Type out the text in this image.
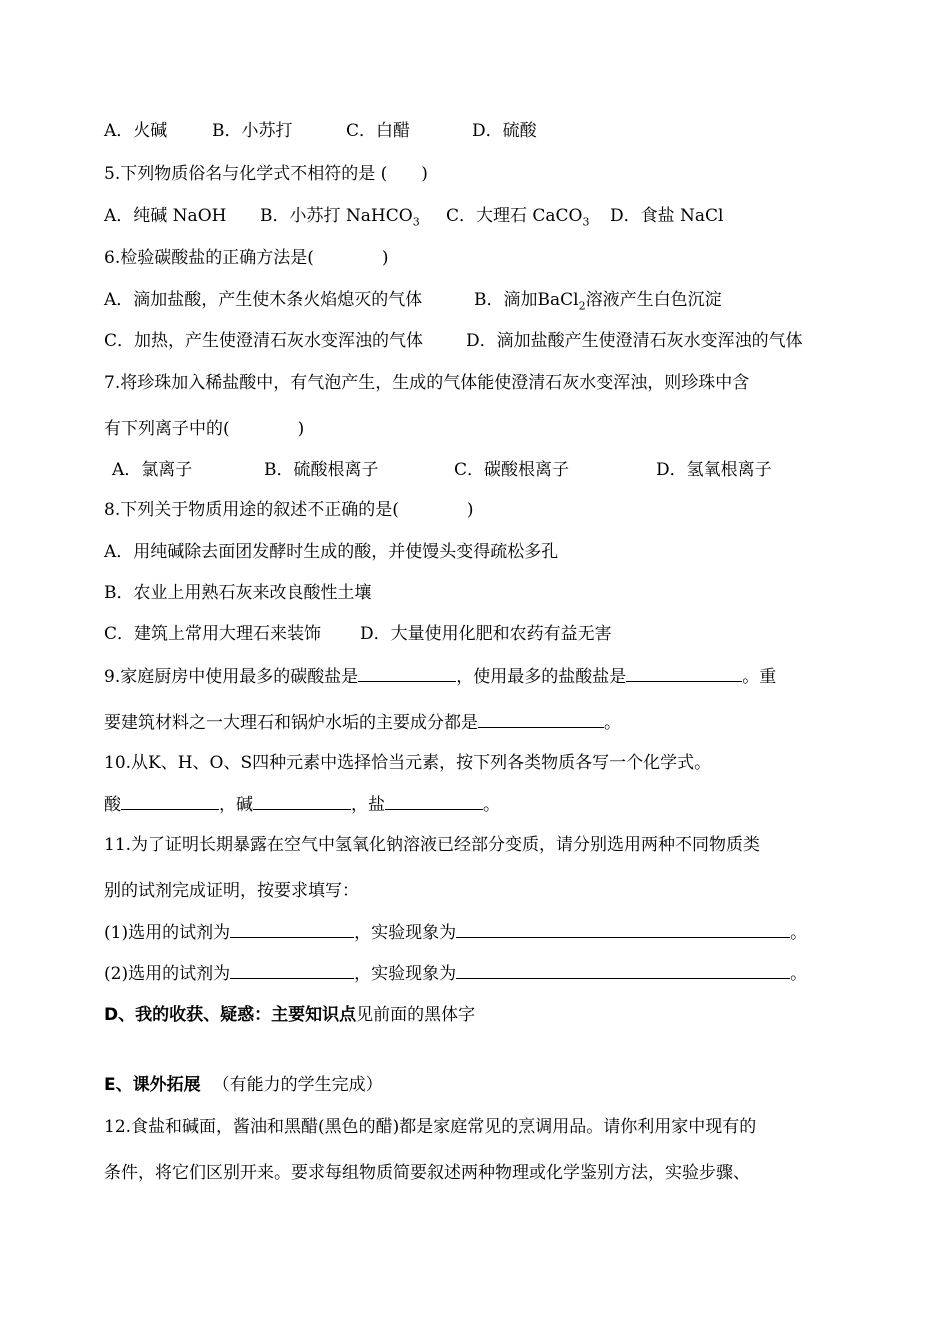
A．火碱	B．小苏打	C．白醋	D．硫酸
5.下列物质俗名与化学式不相符的是 (　　)
A．纯碱 NaOH B．小苏打 NaHCO$_3$ C．大理石 CaCO$_3$ D．食盐 NaCl
6.检验碳酸盐的正确方法是(　　　　)
A．滴加盐酸，产生使木条火焰熄灭的气体	B．滴加BaCl$_2$溶液产生白色沉淀
C．加热，产生使澄清石灰水变浑浊的气体	D．滴加盐酸产生使澄清石灰水变浑浊的气体
7.将珍珠加入稀盐酸中，有气泡产生，生成的气体能使澄清石灰水变浑浊，则珍珠中含
有下列离子中的(　　　　)
A．氯离子	B．硫酸根离子	C．碳酸根离子	D．氢氧根离子
8.下列关于物质用途的叙述不正确的是(　　　　)
A．用纯碱除去面团发酵时生成的酸，并使馒头变得疏松多孔
B．农业上用熟石灰来改良酸性土壤
C．建筑上常用大理石来装饰 D．大量使用化肥和农药有益无害
9.家庭厨房中使用最多的碳酸盐是	，使用最多的盐酸盐是	。重
要建筑材料之一大理石和锅炉水垢的主要成分都是	。
10.从K、H、O、S四种元素中选择恰当元素，按下列各类物质各写一个化学式。
酸	，碱	，盐	。
11.为了证明长期暴露在空气中氢氧化钠溶液已经部分变质，请分别选用两种不同物质类
别的试剂完成证明，按要求填写：
(1)选用的试剂为	，实验现象为	。
(2)选用的试剂为	，实验现象为	。
D、我的收获、疑惑：主要知识点见前面的黑体字
E、课外拓展 （有能力的学生完成）
12.食盐和碱面，酱油和黑醋(黑色的醋)都是家庭常见的烹调用品。请你利用家中现有的
条件，将它们区别开来。要求每组物质简要叙述两种物理或化学鉴别方法，实验步骤、
